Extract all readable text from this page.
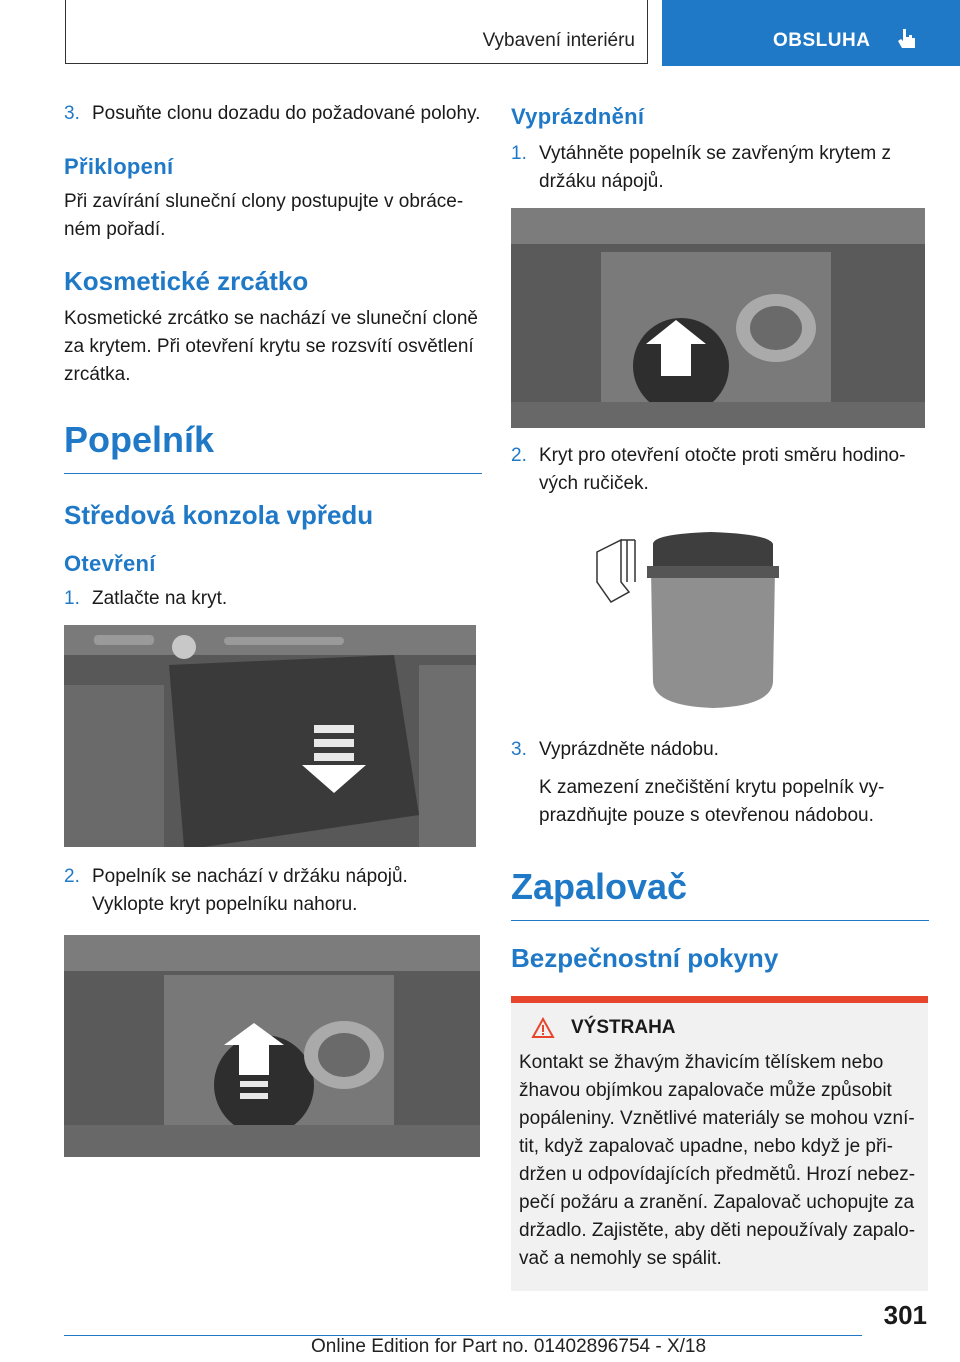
Vybavení interiéru	OBSLUHA
3. Posuňte clonu dozadu do požadované polohy.
Přiklopení
Při zavírání sluneční clony postupujte v obráceném pořadí.
Kosmetické zrcátko
Kosmetické zrcátko se nachází ve sluneční cloně za krytem. Při otevření krytu se rozsvítí osvětlení zrcátka.
Popelník
Středová konzola vpředu
Otevření
1. Zatlačte na kryt.
2. Popelník se nachází v držáku nápojů. Vyklopte kryt popelníku nahoru.
Vyprázdnění
1. Vytáhněte popelník se zavřeným krytem z držáku nápojů.
2. Kryt pro otevření otočte proti směru hodinových ručiček.
3. Vyprázdněte nádobu.
K zamezení znečištění krytu popelník vyprazdňujte pouze s otevřenou nádobou.
Zapalovač
Bezpečnostní pokyny
VÝSTRAHA
Kontakt se žhavým žhavicím tělískem nebo žhavou objímkou zapalovače může způsobit popáleniny. Vznětlivé materiály se mohou vznítit, když zapalovač upadne, nebo když je přidržen u odpovídajících předmětů. Hrozí nebezpečí požáru a zranění. Zapalovač uchopujte za držadlo. Zajistěte, aby děti nepoužívaly zapalovač a nemohly se spálit.
301
Online Edition for Part no. 01402896754 - X/18
